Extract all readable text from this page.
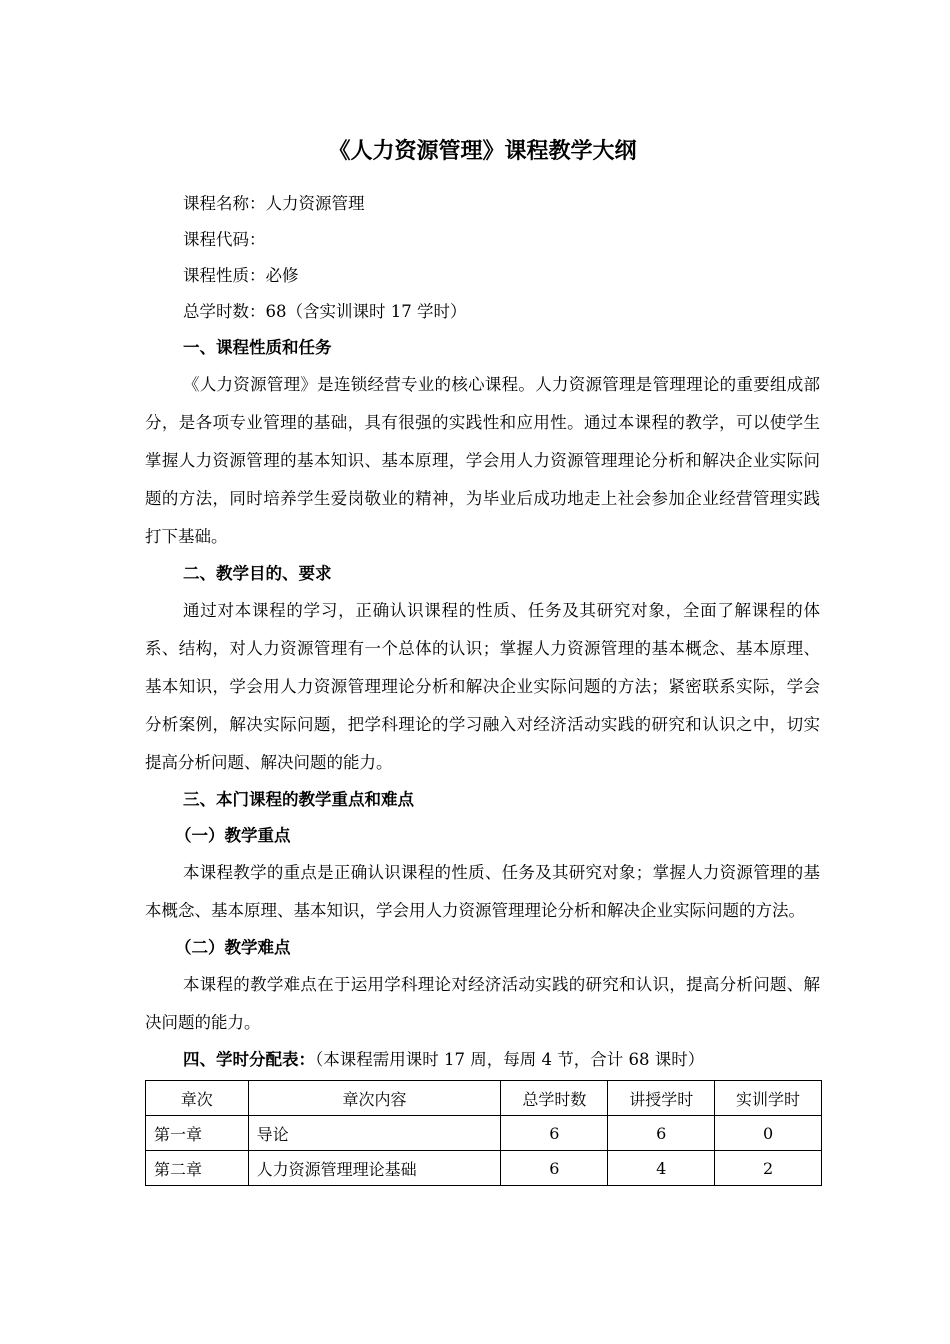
《人力资源管理》课程教学大纲

课程名称：人力资源管理

课程代码：

课程性质：必修

总学时数：68（含实训课时 17 学时）

一、课程性质和任务

《人力资源管理》是连锁经营专业的核心课程。人力资源管理是管理理论的重要组成部分，是各项专业管理的基础，具有很强的实践性和应用性。通过本课程的教学，可以使学生掌握人力资源管理的基本知识、基本原理，学会用人力资源管理理论分析和解决企业实际问题的方法，同时培养学生爱岗敬业的精神，为毕业后成功地走上社会参加企业经营管理实践打下基础。

二、教学目的、要求

通过对本课程的学习，正确认识课程的性质、任务及其研究对象，全面了解课程的体系、结构，对人力资源管理有一个总体的认识；掌握人力资源管理的基本概念、基本原理、基本知识，学会用人力资源管理理论分析和解决企业实际问题的方法；紧密联系实际，学会分析案例，解决实际问题，把学科理论的学习融入对经济活动实践的研究和认识之中，切实提高分析问题、解决问题的能力。

三、本门课程的教学重点和难点

（一）教学重点

本课程教学的重点是正确认识课程的性质、任务及其研究对象；掌握人力资源管理的基本概念、基本原理、基本知识，学会用人力资源管理理论分析和解决企业实际问题的方法。

（二）教学难点

本课程的教学难点在于运用学科理论对经济活动实践的研究和认识，提高分析问题、解决问题的能力。

四、学时分配表：（本课程需用课时 17 周，每周 4 节，合计 68 课时）

章次	章次内容	总学时数	讲授学时	实训学时
第一章	导论	6	6	0
第二章	人力资源管理理论基础	6	4	2
